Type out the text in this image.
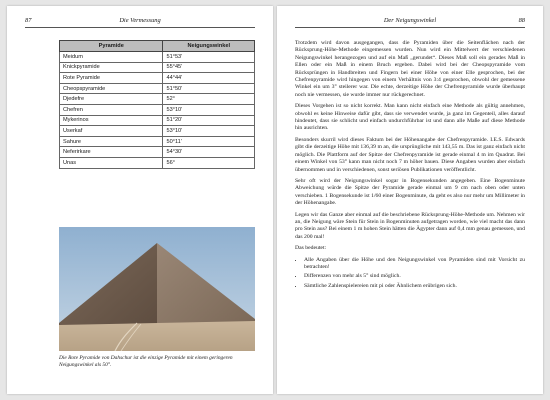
87	Die Vermessung
Pyramide	Neigungswinkel
Meidum	51°53'
Knickpyramide	55°45'
Rote Pyramide	44°44'
Cheopspyramide	51°50'
Djedefre	52°
Chefren	53°10'
Mykerinos	51°20'
Userkaf	53°10'
Sahure	50°11'
Neferirkare	54°30'
Unas	56°
Die Rote Pyramide von Dahschur ist die einzige Pyramide mit einem geringeren Neigungswinkel als 50°.
Der Neigungswinkel	88

Trotzdem wird davon ausgegangen, dass die Pyramiden über die Seitenflächen nach der Rücksprung-Höhe-Methode eingemessen wurden. Nun wird ein Mittelwert der verschiedenen Neigungswinkel herangezogen und auf ein Maß „gerundet“. Dieses Maß soll ein gerades Maß in Ellen oder ein Maß in einem Bruch ergeben. Dabei wird bei der Cheopspyramide vom Rücksprüngen in Handbreiten und Fingern bei einer Höhe von einer Elle gesprochen, bei der Chefrenpyramide wird hingegen von einem Verhältnis von 3:4 gesprochen, obwohl der gemessene Winkel ein um 3° steilerer war. Die echte, derzeitige Höhe der Chefrenpyramide wurde überhaupt noch nie vermessen, sie wurde immer nur rückgerechnet.

Dieses Vorgehen ist so nicht korrekt. Man kann nicht einfach eine Methode als gültig annehmen, obwohl es keine Hinweise dafür gibt, dass sie verwendet wurde, ja ganz im Gegenteil, alles darauf hindeutet, dass sie schlicht und einfach undurchführbar ist und dann alle Maße auf diese Methode hin ausrichten.

Besonders skurril wird dieses Faktum bei der Höhenangabe der Chefrenpyramide. I.E.S. Edwards gibt die derzeitige Höhe mit 136,39 m an, die ursprüngliche mit 143,55 m. Das ist ganz einfach nicht möglich. Die Plattform auf der Spitze der Chefrenpyramide ist gerade einmal 4 m im Quadrat. Bei einem Winkel von 53° kann man nicht noch 7 m höher bauen. Diese Angaben wurden aber einfach übernommen und in verschiedenen, sonst seriösen Publikationen veröffentlicht.

Sehr oft wird der Neigungswinkel sogar in Bogensekunden angegeben. Eine Bogenminute Abweichung würde die Spitze der Pyramide gerade einmal um 9 cm nach oben oder unten verschieben. 1 Bogensekunde ist 1/60 einer Bogenminute, da geht es also nur mehr um Millimeter in der Höhenangabe.

Legen wir das Ganze aber einmal auf die beschriebene Rücksprung-Höhe-Methode um. Nehmen wir an, die Neigung wäre Stein für Stein in Bogenminuten aufgetragen worden, wie viel macht das dann pro Stein aus? Bei einem 1 m hohen Stein hätten die Ägypter dann auf 0,4 mm genau gemessen, und das 200 mal!

Das bedeutet:

• Alle Angaben über die Höhe und den Neigungswinkel von Pyramiden sind mit Vorsicht zu betrachten!
• Differenzen von mehr als 5° sind möglich.
• Sämtliche Zahlenspielereien mit pi oder Ähnlichem erübrigen sich.
